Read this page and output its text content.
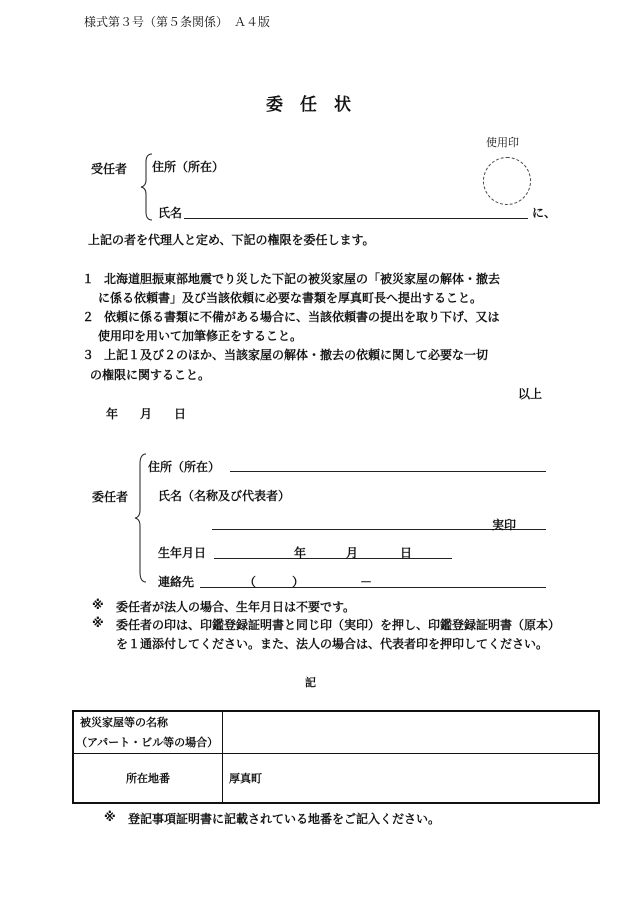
様式第３号（第５条関係）　Ａ４版
委　任　状
使用印
受任者 住所（所在）
氏名	に、
上記の者を代理人と定め、下記の権限を委任します。
１ 北海道胆振東部地震でり災した下記の被災家屋の「被災家屋の解体・撤去
に係る依頼書」及び当該依頼に必要な書類を厚真町長へ提出すること。
２ 依頼に係る書類に不備がある場合に、当該依頼書の提出を取り下げ、又は
使用印を用いて加筆修正をすること。
３ 上記１及び２のほか、当該家屋の解体・撤去の依頼に関して必要な一切
の権限に関すること。
以上
年 月 日
委任者
住所（所在）
氏名（名称及び代表者）
実印
生年月日	年	月	日
連絡先	（	）	－
※ 委任者が法人の場合、生年月日は不要です。
※ 委任者の印は、印鑑登録証明書と同じ印（実印）を押し、印鑑登録証明書（原本）
を１通添付してください。また、法人の場合は、代表者印を押印してください。
記
被災家屋等の名称
（アパート・ビル等の場合）	

所在地番	厚真町
※ 登記事項証明書に記載されている地番をご記入ください。
